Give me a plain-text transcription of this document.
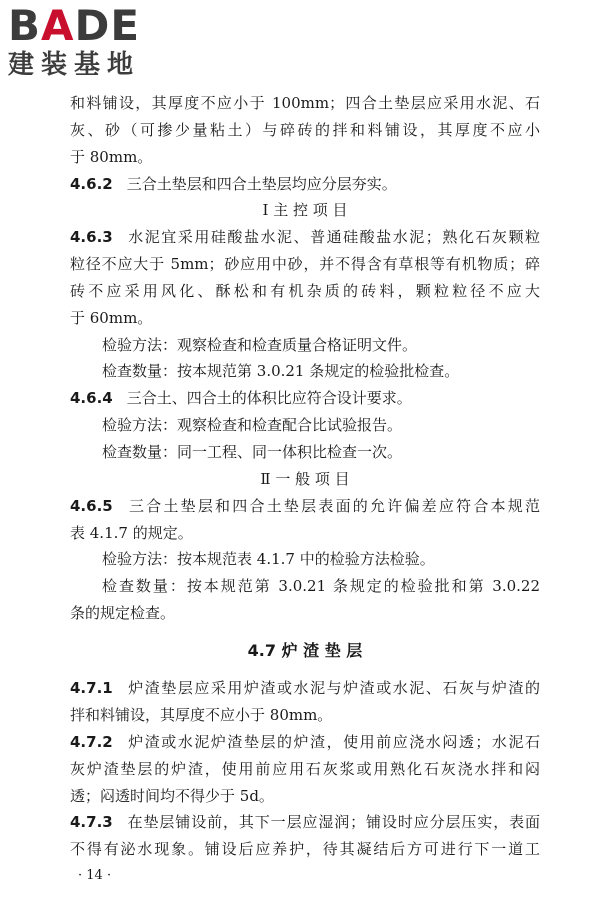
BADE
建装基地
和料铺设，其厚度不应小于 100mm；四合土垫层应采用水泥、石
灰、砂（可掺少量粘土）与碎砖的拌和料铺设，其厚度不应小
于 80mm。
4.6.2 三合土垫层和四合土垫层均应分层夯实。
Ⅰ 主 控 项 目
4.6.3 水泥宜采用硅酸盐水泥、普通硅酸盐水泥；熟化石灰颗粒
粒径不应大于 5mm；砂应用中砂，并不得含有草根等有机物质；碎
砖不应采用风化、酥松和有机杂质的砖料，颗粒粒径不应大
于 60mm。
检验方法：观察检查和检查质量合格证明文件。
检查数量：按本规范第 3.0.21 条规定的检验批检查。
4.6.4 三合土、四合土的体积比应符合设计要求。
检验方法：观察检查和检查配合比试验报告。
检查数量：同一工程、同一体积比检查一次。
Ⅱ 一 般 项 目
4.6.5 三合土垫层和四合土垫层表面的允许偏差应符合本规范
表 4.1.7 的规定。
检验方法：按本规范表 4.1.7 中的检验方法检验。
检查数量：按本规范第 3.0.21 条规定的检验批和第 3.0.22
条的规定检查。
4.7 炉 渣 垫 层
4.7.1 炉渣垫层应采用炉渣或水泥与炉渣或水泥、石灰与炉渣的
拌和料铺设，其厚度不应小于 80mm。
4.7.2 炉渣或水泥炉渣垫层的炉渣，使用前应浇水闷透；水泥石
灰炉渣垫层的炉渣，使用前应用石灰浆或用熟化石灰浇水拌和闷
透；闷透时间均不得少于 5d。
4.7.3 在垫层铺设前，其下一层应湿润；铺设时应分层压实，表面
不得有泌水现象。铺设后应养护，待其凝结后方可进行下一道工
· 14 ·
